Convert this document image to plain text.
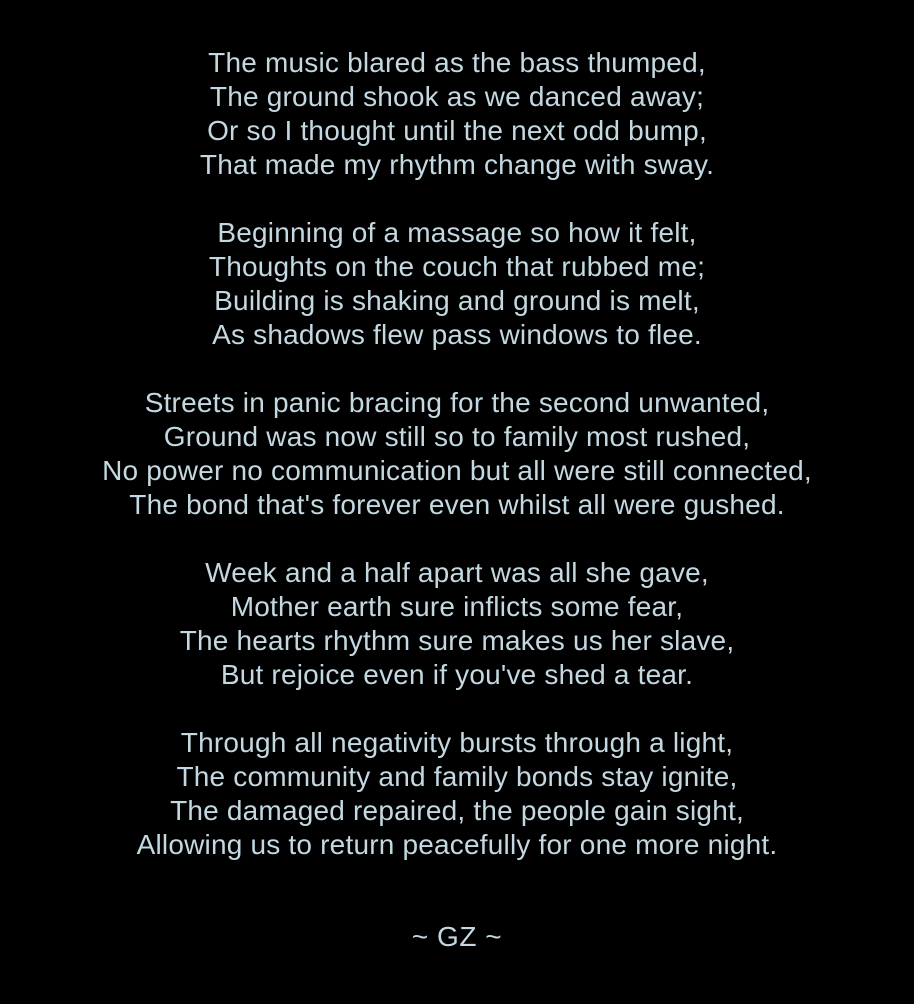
The music blared as the bass thumped,
The ground shook as we danced away;
Or so I thought until the next odd bump,
That made my rhythm change with sway.
Beginning of a massage so how it felt,
Thoughts on the couch that rubbed me;
Building is shaking and ground is melt,
As shadows flew pass windows to flee.
Streets in panic bracing for the second unwanted,
Ground was now still so to family most rushed,
No power no communication but all were still connected,
The bond that's forever even whilst all were gushed.
Week and a half apart was all she gave,
Mother earth sure inflicts some fear,
The hearts rhythm sure makes us her slave,
But rejoice even if you've shed a tear.
Through all negativity bursts through a light,
The community and family bonds stay ignite,
The damaged repaired, the people gain sight,
Allowing us to return peacefully for one more night.
~ GZ ~
